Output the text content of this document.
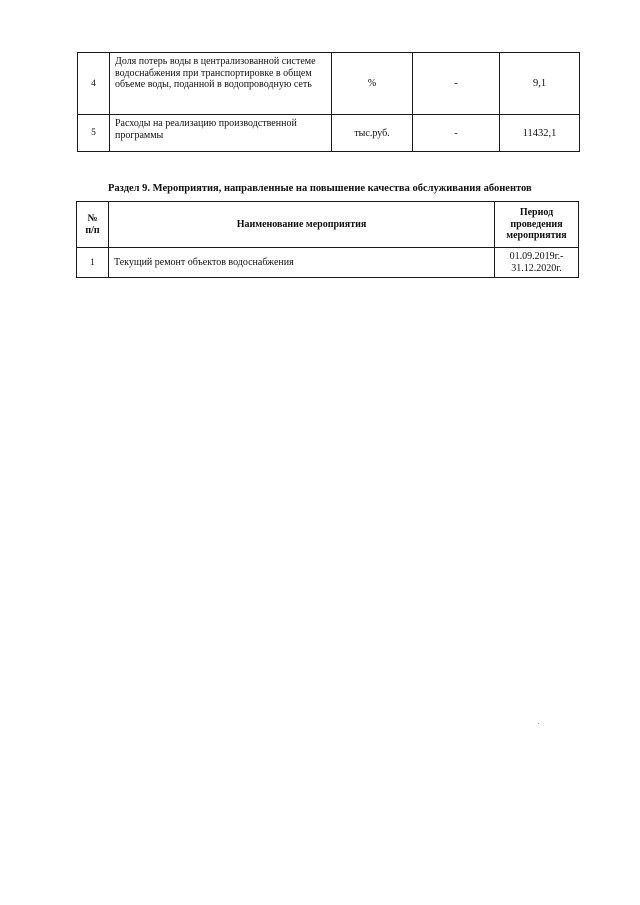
4	Доля потерь воды в централизованной системе водоснабжения при транспортировке в общем объеме воды, поданной в водопроводную сеть	%	-	9,1
5	Расходы на реализацию производственной программы	тыс.руб.	-	11432,1
Раздел 9. Мероприятия, направленные на повышение качества обслуживания абонентов
№ п/п	Наименование мероприятия	Период проведения мероприятия
1	Текущий ремонт объектов водоснабжения	01.09.2019г.- 31.12.2020г.
